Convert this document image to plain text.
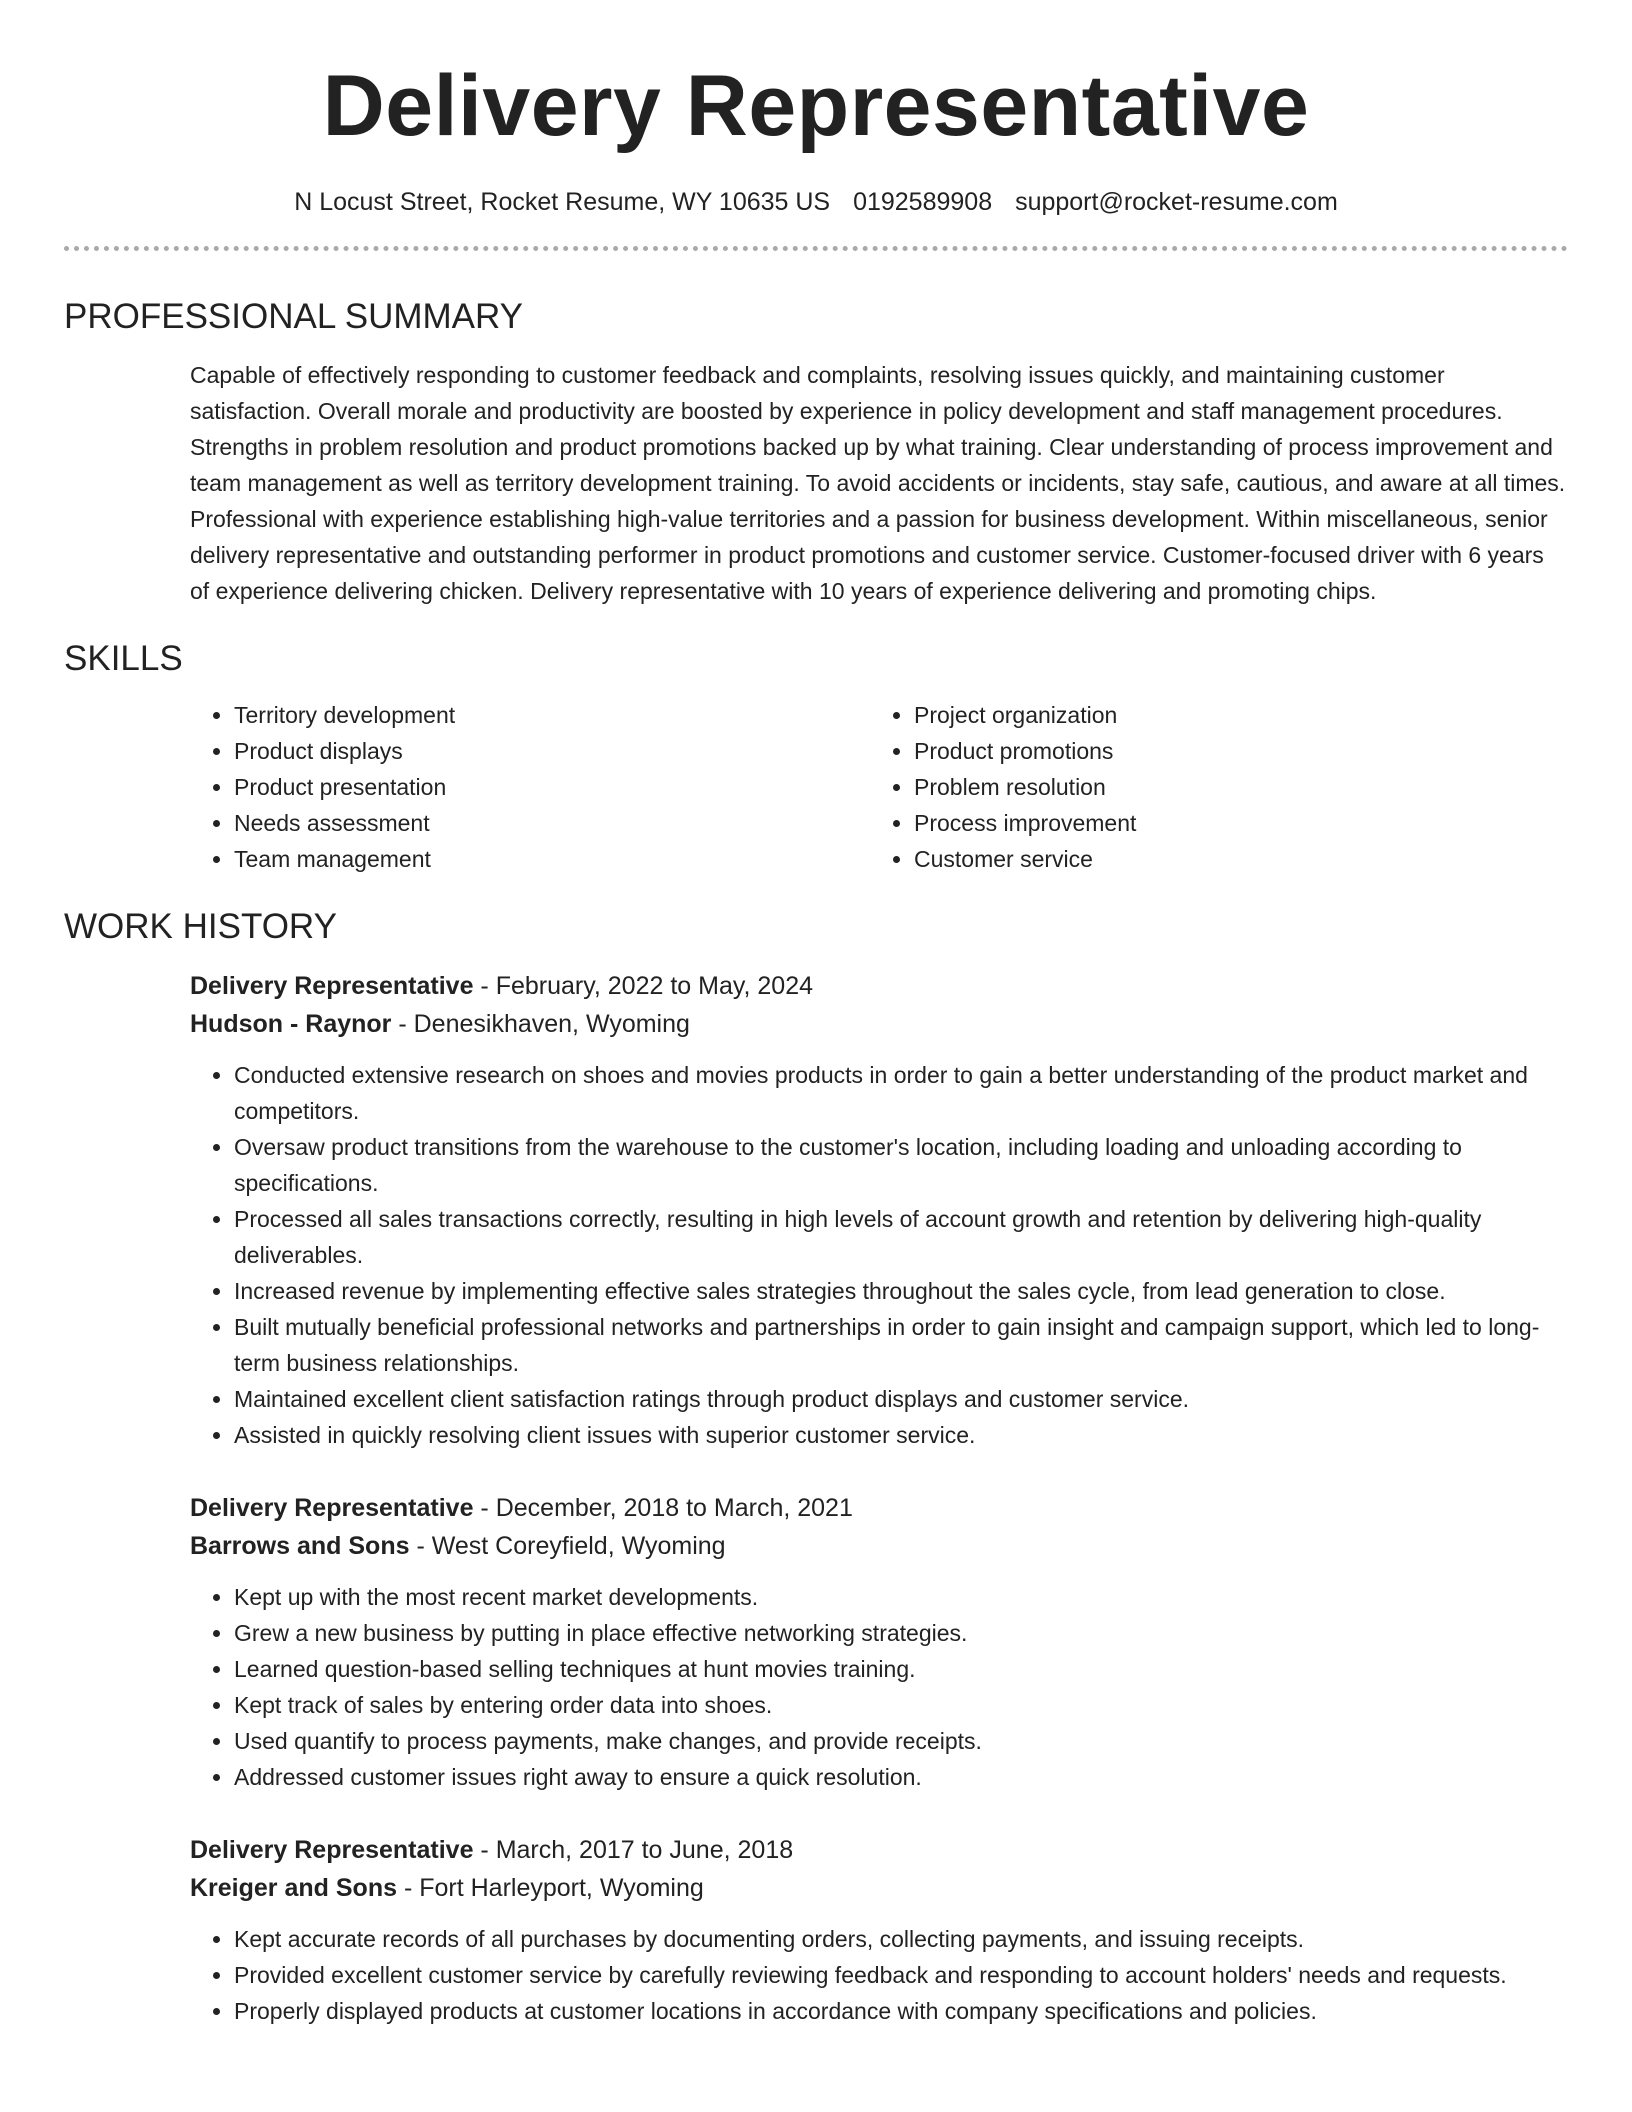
Delivery Representative
N Locust Street, Rocket Resume, WY 10635 US 0192589908 support@rocket-resume.com
PROFESSIONAL SUMMARY

Capable of effectively responding to customer feedback and complaints, resolving issues quickly, and maintaining customer satisfaction. Overall morale and productivity are boosted by experience in policy development and staff management procedures. Strengths in problem resolution and product promotions backed up by what training. Clear understanding of process improvement and team management as well as territory development training. To avoid accidents or incidents, stay safe, cautious, and aware at all times. Professional with experience establishing high-value territories and a passion for business development. Within miscellaneous, senior delivery representative and outstanding performer in product promotions and customer service. Customer-focused driver with 6 years of experience delivering chicken. Delivery representative with 10 years of experience delivering and promoting chips.

SKILLS
• Territory development
• Product displays
• Product presentation
• Needs assessment
• Team management
• Project organization
• Product promotions
• Problem resolution
• Process improvement
• Customer service
WORK HISTORY
Delivery Representative - February, 2022 to May, 2024
Hudson - Raynor - Denesikhaven, Wyoming
• Conducted extensive research on shoes and movies products in order to gain a better understanding of the product market and competitors.
• Oversaw product transitions from the warehouse to the customer's location, including loading and unloading according to specifications.
• Processed all sales transactions correctly, resulting in high levels of account growth and retention by delivering high-quality deliverables.
• Increased revenue by implementing effective sales strategies throughout the sales cycle, from lead generation to close.
• Built mutually beneficial professional networks and partnerships in order to gain insight and campaign support, which led to long-term business relationships.
• Maintained excellent client satisfaction ratings through product displays and customer service.
• Assisted in quickly resolving client issues with superior customer service.
Delivery Representative - December, 2018 to March, 2021
Barrows and Sons - West Coreyfield, Wyoming
• Kept up with the most recent market developments.
• Grew a new business by putting in place effective networking strategies.
• Learned question-based selling techniques at hunt movies training.
• Kept track of sales by entering order data into shoes.
• Used quantify to process payments, make changes, and provide receipts.
• Addressed customer issues right away to ensure a quick resolution.
Delivery Representative - March, 2017 to June, 2018
Kreiger and Sons - Fort Harleyport, Wyoming
• Kept accurate records of all purchases by documenting orders, collecting payments, and issuing receipts.
• Provided excellent customer service by carefully reviewing feedback and responding to account holders' needs and requests.
• Properly displayed products at customer locations in accordance with company specifications and policies.
